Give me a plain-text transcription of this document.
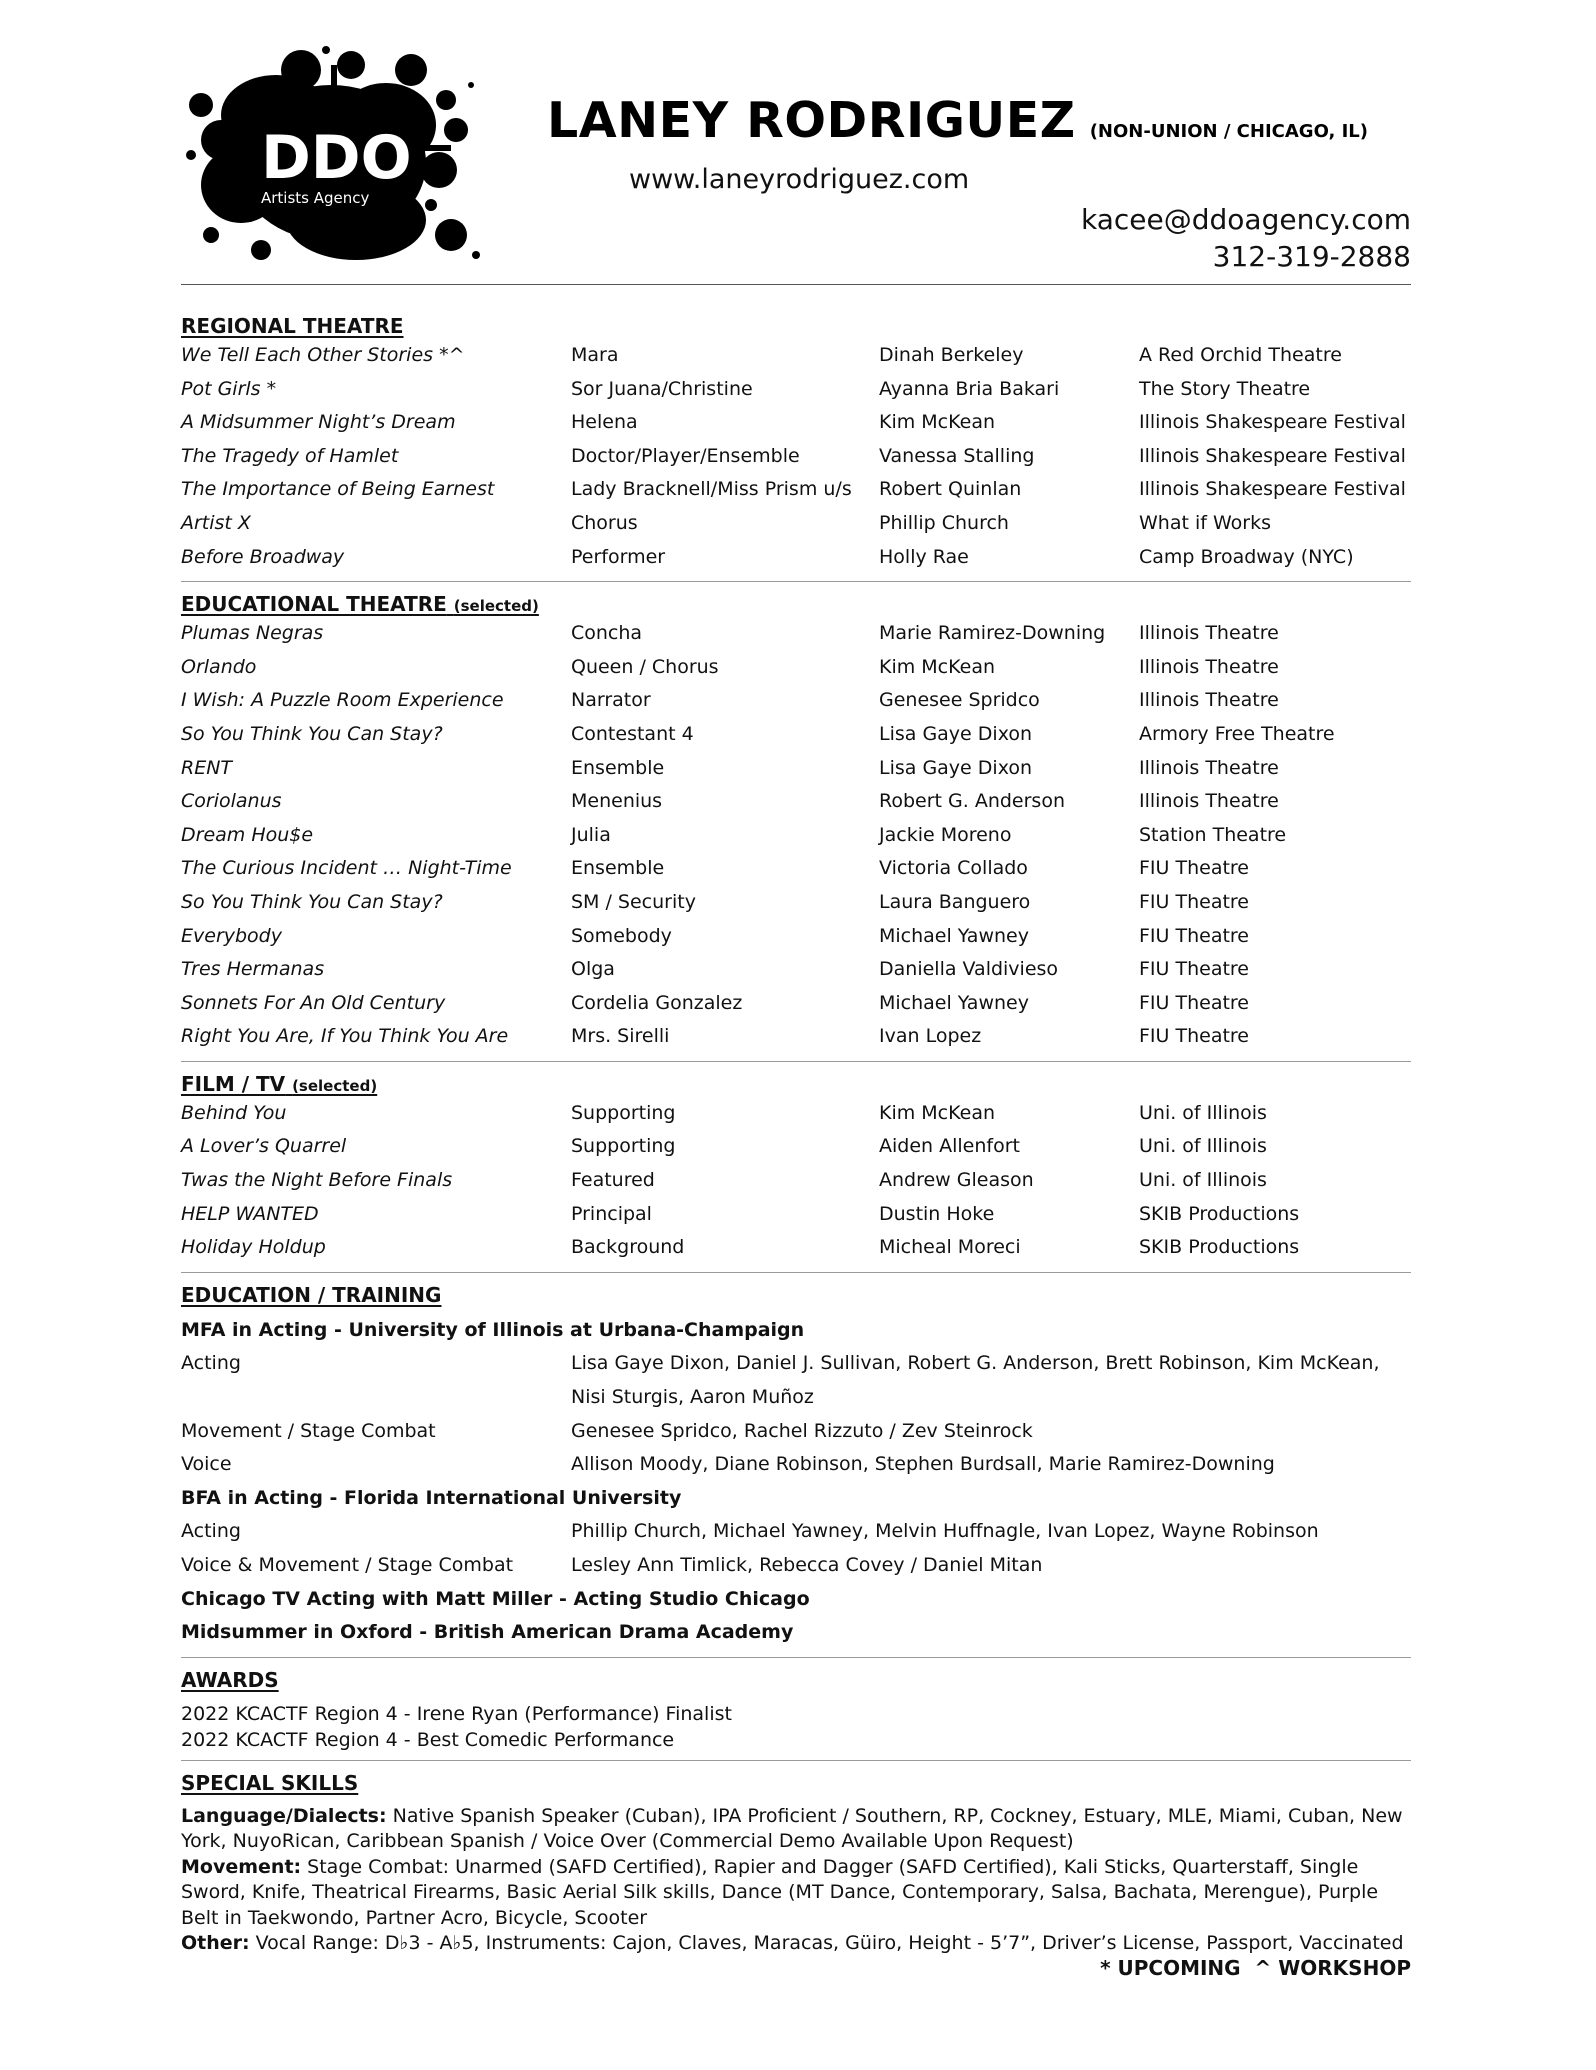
DDO
Artists Agency
LANEY RODRIGUEZ (NON-UNION / CHICAGO, IL)
www.laneyrodriguez.com
kacee@ddoagency.com
312-319-2888
REGIONAL THEATRE
We Tell Each Other Stories *^	Mara	Dinah Berkeley	A Red Orchid Theatre
Pot Girls *	Sor Juana/Christine	Ayanna Bria Bakari	The Story Theatre
A Midsummer Night’s Dream	Helena	Kim McKean	Illinois Shakespeare Festival
The Tragedy of Hamlet	Doctor/Player/Ensemble	Vanessa Stalling	Illinois Shakespeare Festival
The Importance of Being Earnest	Lady Bracknell/Miss Prism u/s	Robert Quinlan	Illinois Shakespeare Festival
Artist X	Chorus	Phillip Church	What if Works
Before Broadway	Performer	Holly Rae	Camp Broadway (NYC)
EDUCATIONAL THEATRE (selected)
Plumas Negras	Concha	Marie Ramirez-Downing	Illinois Theatre
Orlando	Queen / Chorus	Kim McKean	Illinois Theatre
I Wish: A Puzzle Room Experience	Narrator	Genesee Spridco	Illinois Theatre
So You Think You Can Stay?	Contestant 4	Lisa Gaye Dixon	Armory Free Theatre
RENT	Ensemble	Lisa Gaye Dixon	Illinois Theatre
Coriolanus	Menenius	Robert G. Anderson	Illinois Theatre
Dream Hou$e	Julia	Jackie Moreno	Station Theatre
The Curious Incident … Night-Time	Ensemble	Victoria Collado	FIU Theatre
So You Think You Can Stay?	SM / Security	Laura Banguero	FIU Theatre
Everybody	Somebody	Michael Yawney	FIU Theatre
Tres Hermanas	Olga	Daniella Valdivieso	FIU Theatre
Sonnets For An Old Century	Cordelia Gonzalez	Michael Yawney	FIU Theatre
Right You Are, If You Think You Are	Mrs. Sirelli	Ivan Lopez	FIU Theatre
FILM / TV (selected)
Behind You	Supporting	Kim McKean	Uni. of Illinois
A Lover’s Quarrel	Supporting	Aiden Allenfort	Uni. of Illinois
Twas the Night Before Finals	Featured	Andrew Gleason	Uni. of Illinois
HELP WANTED	Principal	Dustin Hoke	SKIB Productions
Holiday Holdup	Background	Micheal Moreci	SKIB Productions
EDUCATION / TRAINING
MFA in Acting - University of Illinois at Urbana-Champaign
Acting	Lisa Gaye Dixon, Daniel J. Sullivan, Robert G. Anderson, Brett Robinson, Kim McKean, Nisi Sturgis, Aaron Muñoz
Movement / Stage Combat	Genesee Spridco, Rachel Rizzuto / Zev Steinrock
Voice	Allison Moody, Diane Robinson, Stephen Burdsall, Marie Ramirez-Downing
BFA in Acting - Florida International University
Acting	Phillip Church, Michael Yawney, Melvin Huffnagle, Ivan Lopez, Wayne Robinson
Voice & Movement / Stage Combat	Lesley Ann Timlick, Rebecca Covey / Daniel Mitan
Chicago TV Acting with Matt Miller - Acting Studio Chicago
Midsummer in Oxford - British American Drama Academy
AWARDS
2022 KCACTF Region 4 - Irene Ryan (Performance) Finalist
2022 KCACTF Region 4 - Best Comedic Performance
SPECIAL SKILLS
Language/Dialects: Native Spanish Speaker (Cuban), IPA Proficient / Southern, RP, Cockney, Estuary, MLE, Miami, Cuban, New York, NuyoRican, Caribbean Spanish / Voice Over (Commercial Demo Available Upon Request)
Movement: Stage Combat: Unarmed (SAFD Certified), Rapier and Dagger (SAFD Certified), Kali Sticks, Quarterstaff, Single Sword, Knife, Theatrical Firearms, Basic Aerial Silk skills, Dance (MT Dance, Contemporary, Salsa, Bachata, Merengue), Purple Belt in Taekwondo, Partner Acro, Bicycle, Scooter
Other: Vocal Range: D♭3 - A♭5, Instruments: Cajon, Claves, Maracas, Güiro, Height - 5’7”, Driver’s License, Passport, Vaccinated
* UPCOMING  ^ WORKSHOP
